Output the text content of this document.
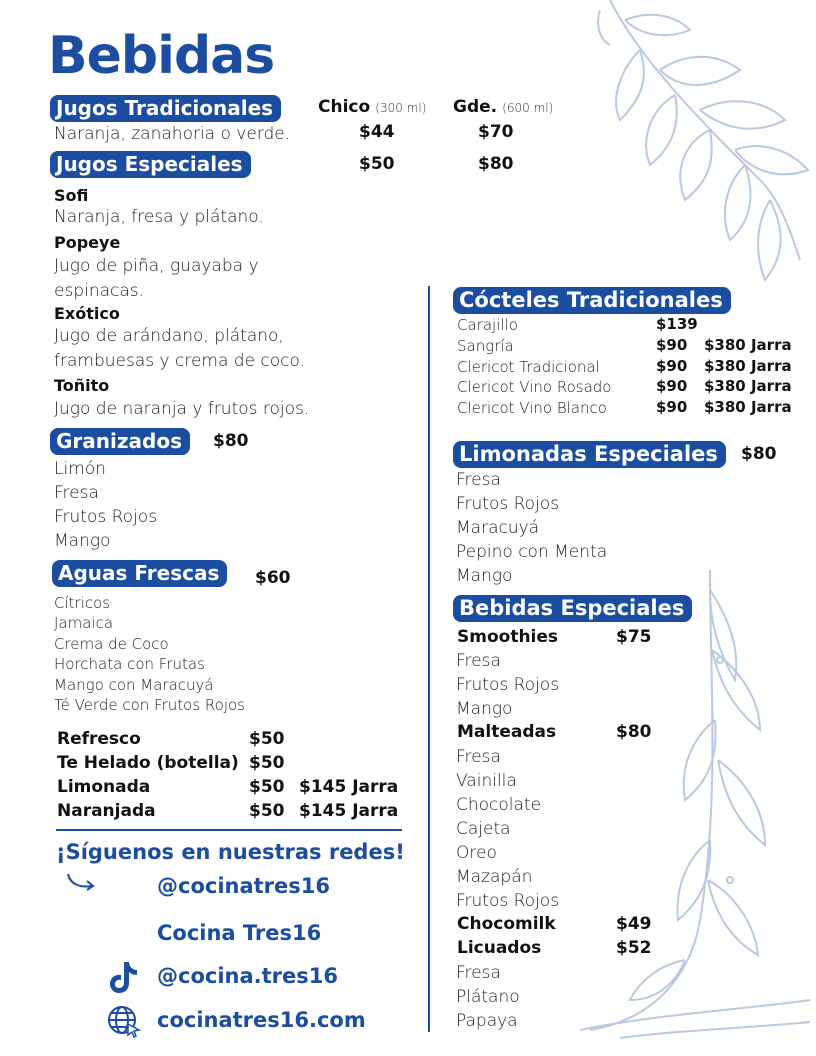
Bebidas
Jugos Tradicionales	Chico (300 ml) Gde. (600 ml)
Naranja, zanahoria o verde.	$44	$70
Jugos Especiales	$50	$80
Sofi
Naranja, fresa y plátano.
Popeye
Jugo de piña, guayaba y
espinacas.
Exótico
Jugo de arándano, plátano,
frambuesas y crema de coco.
Toñito
Jugo de naranja y frutos rojos.
Granizados	$80
Limón
Fresa
Frutos Rojos
Mango
Aguas Frescas	$60
Cítricos
Jamaica
Crema de Coco
Horchata con Frutas
Mango con Maracuyá
Té Verde con Frutos Rojos
Refresco	$50
Te Helado (botella) $50
Limonada	$50 $145 Jarra
Naranjada	$50 $145 Jarra
¡Síguenos en nuestras redes!
@cocinatres16
Cocina Tres16
@cocina.tres16
cocinatres16.com
Cócteles Tradicionales
Carajillo	$139
Sangría	$90 $380 Jarra
Clericot Tradicional	$90 $380 Jarra
Clericot Vino Rosado	$90 $380 Jarra
Clericot Vino Blanco	$90 $380 Jarra
Limonadas Especiales	$80
Fresa
Frutos Rojos
Maracuyá
Pepino con Menta
Mango
Bebidas Especiales
Smoothies	$75
Fresa
Frutos Rojos
Mango
Malteadas	$80
Fresa
Vainilla
Chocolate
Cajeta
Oreo
Mazapán
Frutos Rojos
Chocomilk	$49
Licuados	$52
Fresa
Plátano
Papaya
